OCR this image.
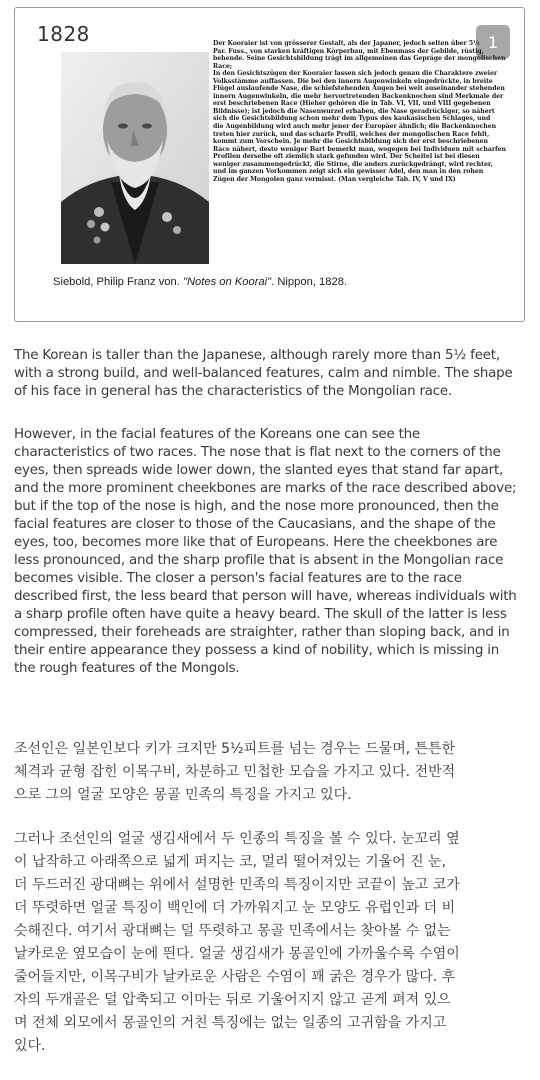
1828	1
Der Kooraier ist von grösserer Gestalt, als der Japaner, jedoch selten über 5½
Par. Fuss., von starken kräftigen Körperbau, mit Ebenmass der Gebilde, rüstig,
behende. Seine Gesichtsbildung trägt im allgemeinen das Gepräge der mongolischen
Race;
In den Gesichtszügen der Kooraier lassen sich jedoch genau die Charaktere zweier
Volksstämme auffassen. Die bei den innern Augenwinkeln eingedrückte, in breite
Flügel auslaufende Nase, die schiefstehenden Augen bei weit auseinander stehenden
innern Augenwinkeln, die mehr hervortretenden Backenknochen sind Merkmale der
erst beschriebenen Race (Hieher gehören die in Tab. VI, VII, und VIII gegebenen
Bildnisse); ist jedoch die Nasenwurzel erhaben, die Nase geradrückiger, so nähert
sich die Gesichtsbildung schon mehr dem Typus des kaukasischen Schlages, und
die Augenbildung wird auch mehr jener der Europäer ähnlich; die Backenknochen
treten hier zurück, und das scharfe Profil, welches der mongolischen Race fehlt,
kommt zum Vorschein. Je mehr die Gesichtsbildung sich der erst beschriebenen
Race nähert, desto weniger Bart bemerkt man, wogegen bei Individuen mit scharfen Profilen derselbe oft ziemlich stark gefunden wird. Der Scheitel ist bei diesen
weniger zusammengedrückt, die Stirne, die anders zurückgedrängt, wird rechter,
und im ganzen Vorkommen zeigt sich ein gewisser Adel, den man in den rohen
Zügen der Mongolen ganz vermisst. (Man vergleiche Tab. IV, V und IX)
Siebold, Philip Franz von. "Notes on Koorai". Nippon, 1828.
The Korean is taller than the Japanese, although rarely more than 5½ feet,
with a strong build, and well-balanced features, calm and nimble. The shape
of his face in general has the characteristics of the Mongolian race.
However, in the facial features of the Koreans one can see the
characteristics of two races. The nose that is flat next to the corners of the
eyes, then spreads wide lower down, the slanted eyes that stand far apart,
and the more prominent cheekbones are marks of the race described above;
but if the top of the nose is high, and the nose more pronounced, then the
facial features are closer to those of the Caucasians, and the shape of the
eyes, too, becomes more like that of Europeans. Here the cheekbones are
less pronounced, and the sharp profile that is absent in the Mongolian race
becomes visible. The closer a person's facial features are to the race
described first, the less beard that person will have, whereas individuals with
a sharp profile often have quite a heavy beard. The skull of the latter is less
compressed, their foreheads are straighter, rather than sloping back, and in
their entire appearance they possess a kind of nobility, which is missing in
the rough features of the Mongols.
조선인은 일본인보다 키가 크지만 5½피트를 넘는 경우는 드물며, 튼튼한
체격과 균형 잡힌 이목구비, 차분하고 민첩한 모습을 가지고 있다. 전반적
으로 그의 얼굴 모양은 몽골 민족의 특징을 가지고 있다.
그러나 조선인의 얼굴 생김새에서 두 인종의 특징을 볼 수 있다. 눈꼬리 옆
이 납작하고 아래쪽으로 넓게 퍼지는 코, 멀리 떨어져있는 기울어 진 눈,
더 두드러진 광대뼈는 위에서 설명한 민족의 특징이지만 코끝이 높고 코가
더 뚜렷하면 얼굴 특징이 백인에 더 가까워지고 눈 모양도 유럽인과 더 비
슷해진다. 여기서 광대뼈는 덜 뚜렷하고 몽골 민족에서는 찾아볼 수 없는
날카로운 옆모습이 눈에 띈다. 얼굴 생김새가 몽골인에 가까울수록 수염이
줄어들지만, 이목구비가 날카로운 사람은 수염이 꽤 굵은 경우가 많다. 후
자의 두개골은 덜 압축되고 이마는 뒤로 기울어지지 않고 곧게 펴져 있으
며 전체 외모에서 몽골인의 거친 특징에는 없는 일종의 고귀함을 가지고
있다.
